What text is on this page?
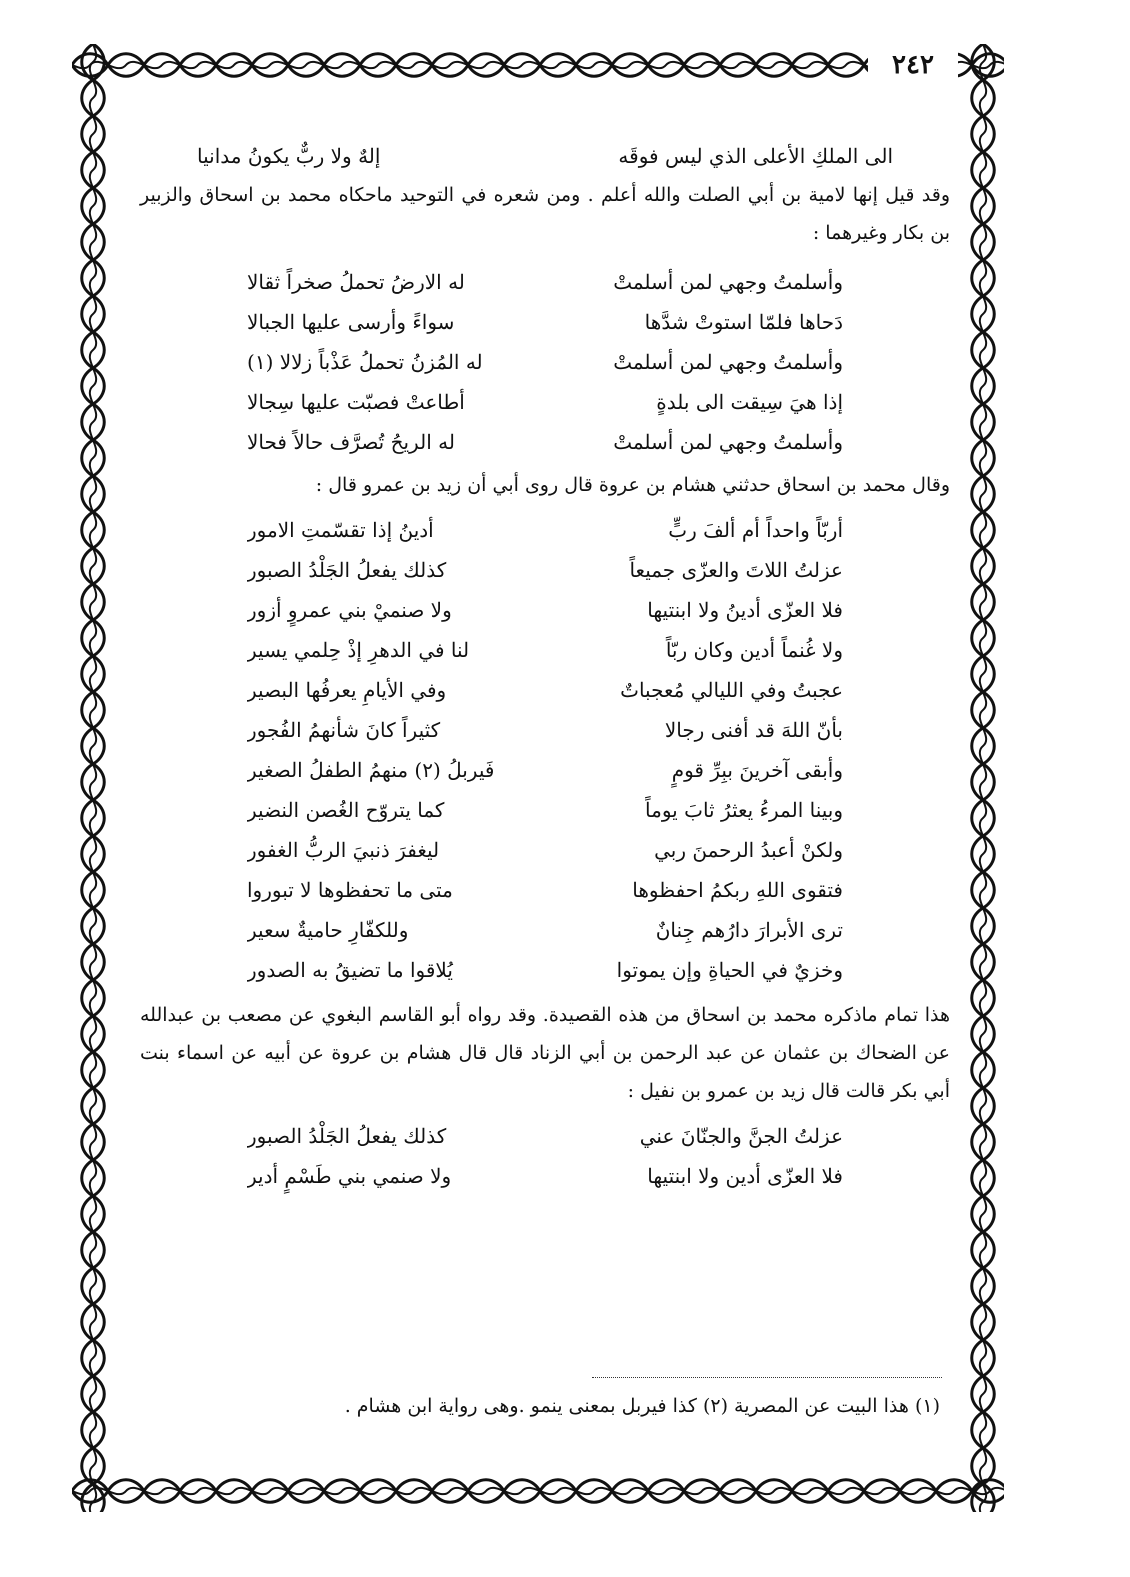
٢٤٢
الى الملكِ الأعلى الذي ليس فوقَه
إلهٌ ولا ربٌّ يكونُ مدانيا

وقد قيل إنها لامية بن أبي الصلت والله أعلم . ومن شعره في التوحيد ماحكاه محمد بن اسحاق والزبير بن بكار وغيرهما :

وأسلمتُ وجهي لمن أسلمتْ
له الارضُ تحملُ صخراً ثقالا
دَحاها فلمّا استوتْ شدَّها
سواءً وأرسى عليها الجبالا
وأسلمتُ وجهي لمن أسلمتْ
له المُزنُ تحملُ عَذْباً زلالا (١)
إذا هيَ سِيقت الى بلدةٍ
أطاعتْ فصبّت عليها سِجالا
وأسلمتُ وجهي لمن أسلمتْ
له الريحُ تُصرَّف حالاً فحالا

وقال محمد بن اسحاق حدثني هشام بن عروة قال روى أبي أن زيد بن عمرو قال :

أربّاً واحداً أم ألفَ ربٍّ
أدينُ إذا تقسّمتِ الامور
عزلتُ اللاتَ والعزّى جميعاً
كذلك يفعلُ الجَلْدُ الصبور
فلا العزّى أدينُ ولا ابنتيها
ولا صنميْ بني عمروٍ أزور
ولا غُنماً أدين وكان ربّاً
لنا في الدهرِ إذْ حِلمي يسير
عجبتُ وفي الليالي مُعجباتٌ
وفي الأيامِ يعرفُها البصير
بأنّ اللهَ قد أفنى رجالا
كثيراً كانَ شأنهمُ الفُجور
وأبقى آخرينَ ببِرِّ قومٍ
فَيربلُ (٢) منهمُ الطفلُ الصغير
وبينا المرءُ يعثرُ ثابَ يوماً
كما يتروّح الغُصن النضير
ولكنْ أعبدُ الرحمنَ ربي
ليغفرَ ذنبيَ الربُّ الغفور
فتقوى اللهِ ربكمُ احفظوها
متى ما تحفظوها لا تبوروا
ترى الأبرارَ دارُهم جِنانٌ
وللكفّارِ حاميةٌ سعير
وخزيٌ في الحياةِ وإن يموتوا
يُلاقوا ما تضيقُ به الصدور

هذا تمام ماذكره محمد بن اسحاق من هذه القصيدة. وقد رواه أبو القاسم البغوي عن مصعب بن عبدالله عن الضحاك بن عثمان عن عبد الرحمن بن أبي الزناد قال قال هشام بن عروة عن أبيه عن اسماء بنت أبي بكر قالت قال زيد بن عمرو بن نفيل :

عزلتُ الجنَّ والجنّانَ عني
كذلك يفعلُ الجَلْدُ الصبور
فلا العزّى أدين ولا ابنتيها
ولا صنمي بني طَسْمٍ أدير
(١) هذا البيت عن المصرية (٢) كذا فيربل بمعنى ينمو .وهى رواية ابن هشام .
